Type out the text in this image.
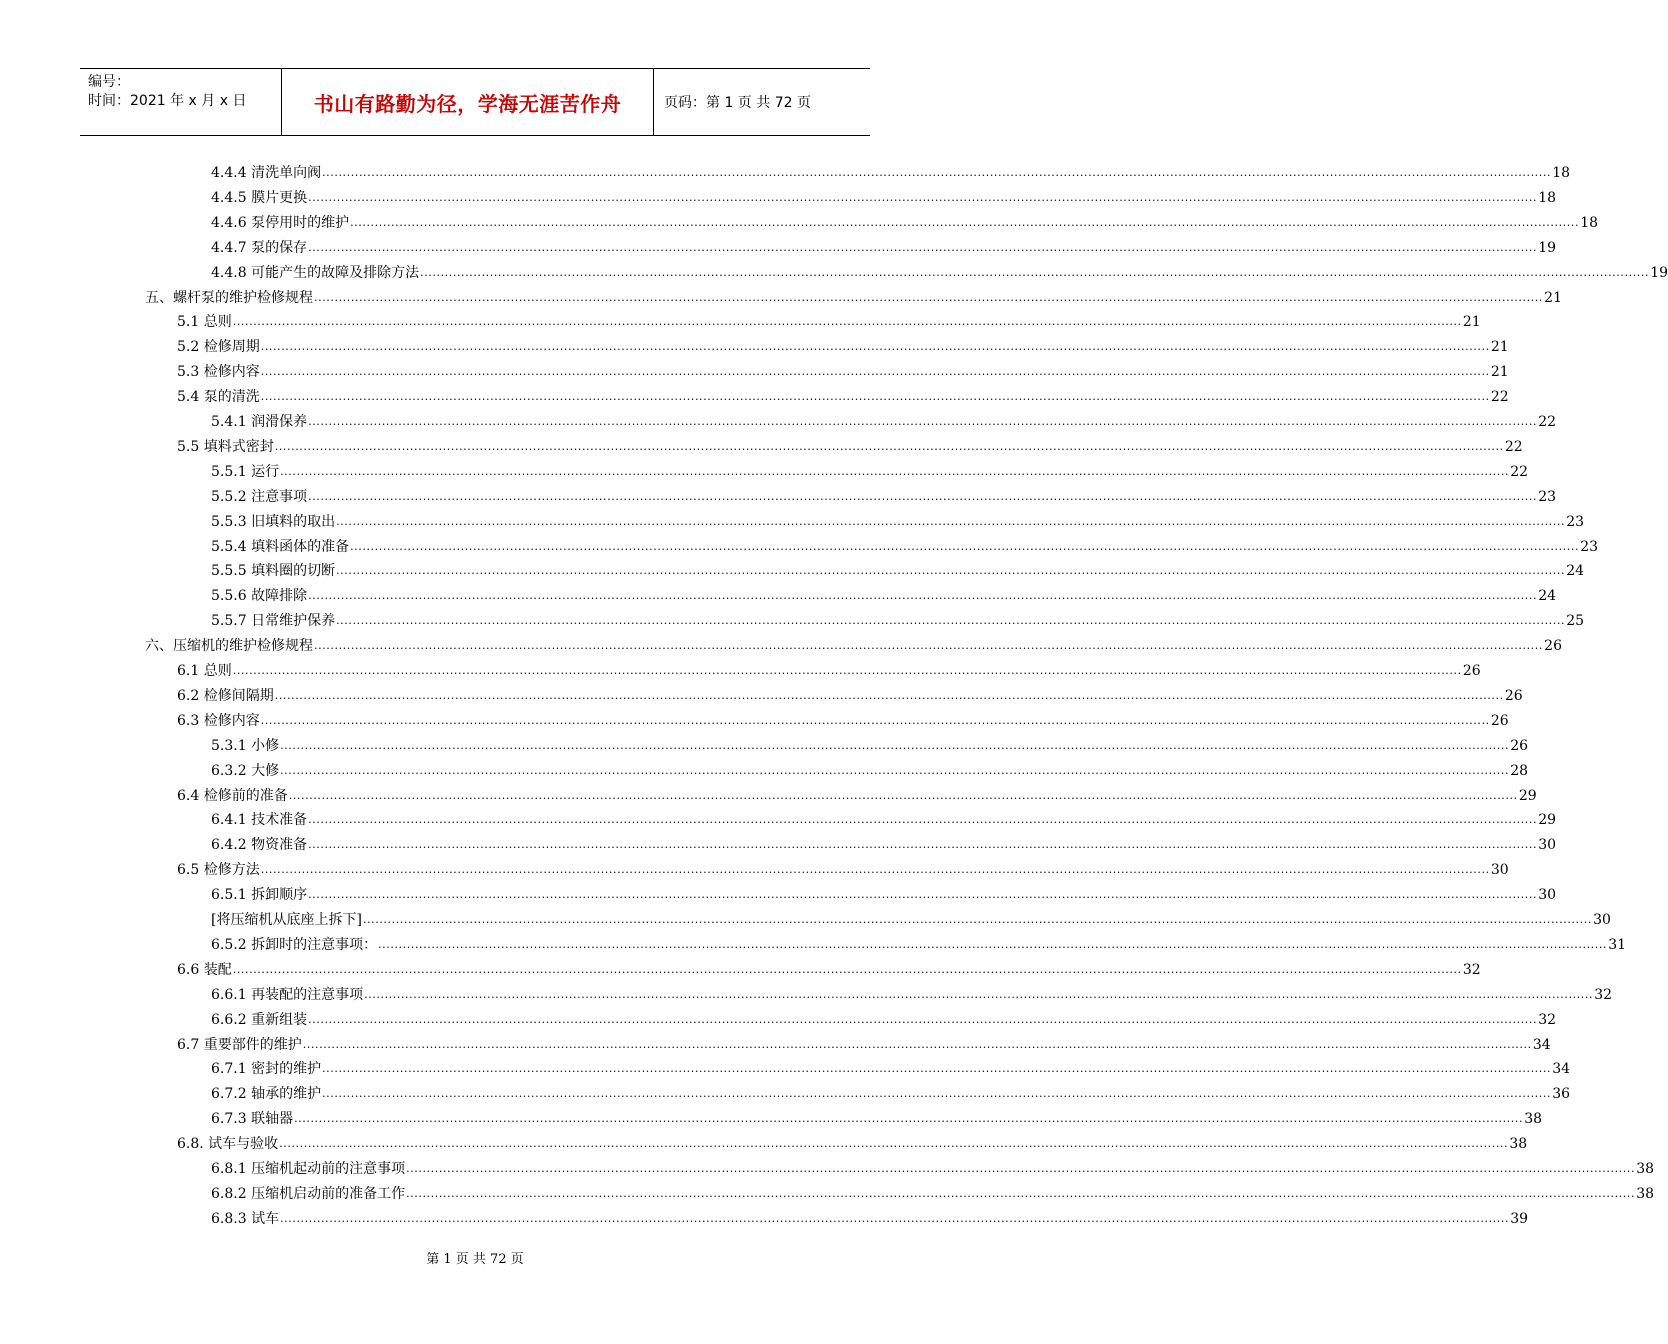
编号：
时间：2021 年 x 月 x 日	书山有路勤为径，学海无涯苦作舟	页码：第 1 页 共 72 页
4.4.4 清洗单向阀 ............................................................................................................................................................................................................................................................................................................ 18
4.4.5 膜片更换 ............................................................................................................................................................................................................................................................................................................ 18
4.4.6 泵停用时的维护 ............................................................................................................................................................................................................................................................................................................ 18
4.4.7 泵的保存 ............................................................................................................................................................................................................................................................................................................ 19
4.4.8 可能产生的故障及排除方法 ............................................................................................................................................................................................................................................................................................................ 19
五、螺杆泵的维护检修规程 ............................................................................................................................................................................................................................................................................................................ 21
5.1 总则 ............................................................................................................................................................................................................................................................................................................ 21
5.2 检修周期 ............................................................................................................................................................................................................................................................................................................ 21
5.3 检修内容 ............................................................................................................................................................................................................................................................................................................ 21
5.4 泵的清洗 ............................................................................................................................................................................................................................................................................................................ 22
5.4.1 润滑保养 ............................................................................................................................................................................................................................................................................................................ 22
5.5 填料式密封 ............................................................................................................................................................................................................................................................................................................ 22
5.5.1 运行 ............................................................................................................................................................................................................................................................................................................ 22
5.5.2 注意事项 ............................................................................................................................................................................................................................................................................................................ 23
5.5.3 旧填料的取出 ............................................................................................................................................................................................................................................................................................................ 23
5.5.4 填料函体的准备 ............................................................................................................................................................................................................................................................................................................ 23
5.5.5 填料圈的切断 ............................................................................................................................................................................................................................................................................................................ 24
5.5.6 故障排除 ............................................................................................................................................................................................................................................................................................................ 24
5.5.7 日常维护保养 ............................................................................................................................................................................................................................................................................................................ 25
六、压缩机的维护检修规程 ............................................................................................................................................................................................................................................................................................................ 26
6.1 总则 ............................................................................................................................................................................................................................................................................................................ 26
6.2 检修间隔期 ............................................................................................................................................................................................................................................................................................................ 26
6.3 检修内容 ............................................................................................................................................................................................................................................................................................................ 26
5.3.1 小修 ............................................................................................................................................................................................................................................................................................................ 26
6.3.2 大修 ............................................................................................................................................................................................................................................................................................................ 28
6.4 检修前的准备 ............................................................................................................................................................................................................................................................................................................ 29
6.4.1 技术准备 ............................................................................................................................................................................................................................................................................................................ 29
6.4.2 物资准备 ............................................................................................................................................................................................................................................................................................................ 30
6.5 检修方法 ............................................................................................................................................................................................................................................................................................................ 30
6.5.1 拆卸顺序 ............................................................................................................................................................................................................................................................................................................ 30
[将压缩机从底座上拆下] ............................................................................................................................................................................................................................................................................................................ 30
6.5.2 拆卸时的注意事项： ............................................................................................................................................................................................................................................................................................................ 31
6.6 装配 ............................................................................................................................................................................................................................................................................................................ 32
6.6.1 再装配的注意事项 ............................................................................................................................................................................................................................................................................................................ 32
6.6.2 重新组装 ............................................................................................................................................................................................................................................................................................................ 32
6.7 重要部件的维护 ............................................................................................................................................................................................................................................................................................................ 34
6.7.1 密封的维护 ............................................................................................................................................................................................................................................................................................................ 34
6.7.2 轴承的维护 ............................................................................................................................................................................................................................................................................................................ 36
6.7.3 联轴器 ............................................................................................................................................................................................................................................................................................................ 38
6.8. 试车与验收 ............................................................................................................................................................................................................................................................................................................ 38
6.8.1 压缩机起动前的注意事项 ............................................................................................................................................................................................................................................................................................................ 38
6.8.2 压缩机启动前的准备工作 ............................................................................................................................................................................................................................................................................................................ 38
6.8.3 试车 ............................................................................................................................................................................................................................................................................................................ 39
第 1 页 共 72 页
